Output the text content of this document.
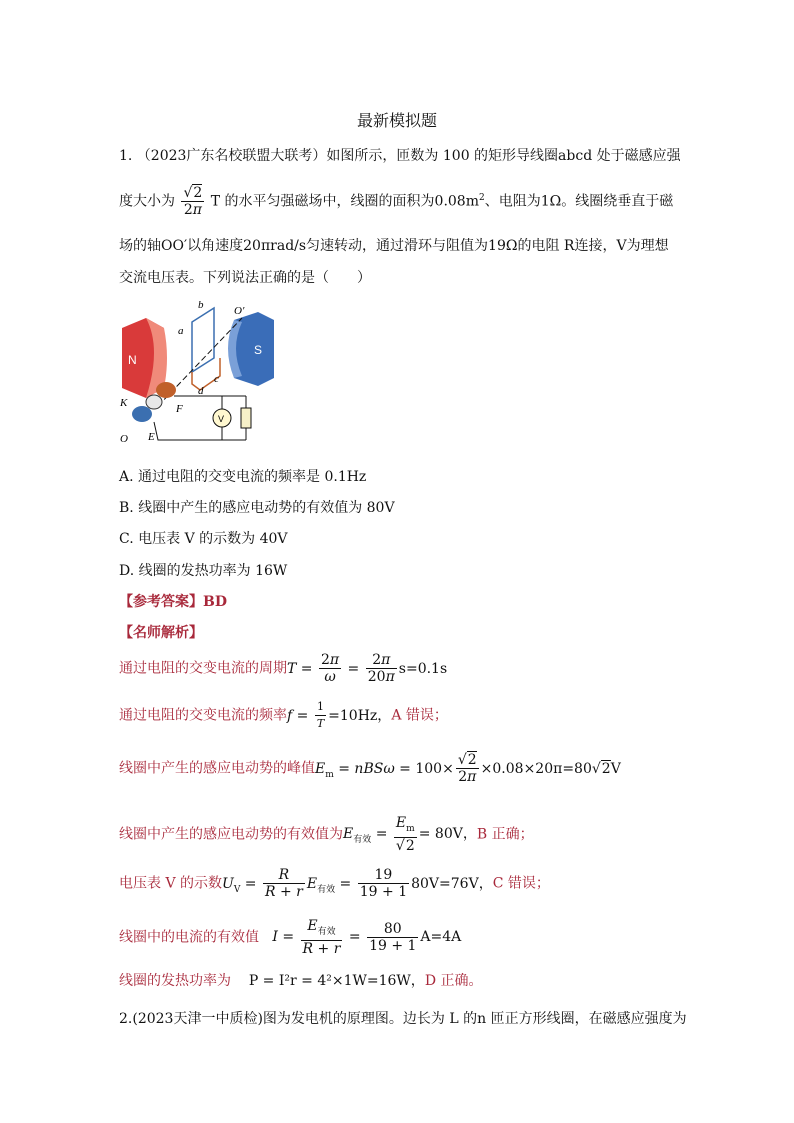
最新模拟题
1. （2023广东名校联盟大联考）如图所示，匝数为 100 的矩形导线圈abcd 处于磁感应强
度大小为 $\frac{√2}{2\pi}$ T 的水平匀强磁场中，线圈的面积为$0.08m^2$、电阻为1Ω。线圈绕垂直于磁
场的轴OO′以角速度20πrad/s匀速转动，通过滑环与阻值为19Ω的电阻 R连接，V为理想
交流电压表。下列说法正确的是（　　）
b
a
O′
N
S
c
d
F
K
V
O E
A. 通过电阻的交变电流的频率是 0.1Hz
B. 线圈中产生的感应电动势的有效值为 80V
C. 电压表 V 的示数为 40V
D. 线圈的发热功率为 16W
【参考答案】BD
【名师解析】
通过电阻的交变电流的周期$T = \frac{2\pi}{\omega} = \frac{2\pi}{20\pi} s=0.1s$
通过电阻的交变电流的频率$f = \frac{1}{T} =10Hz$，A 错误；
线圈中产生的感应电动势的峰值$E_m = nBS\omega = 100\times \frac{√2}{2\pi} \times 0.08\times 20\pi=80√2V$
线圈中产生的感应电动势的有效值为$E_{有效} = \frac{E_m}{√2} = 80V$，B 正确；
电压表 V 的示数$U_V = \frac{R}{R + r} E_{有效} = \frac{19}{19 + 1} 80V=76V$，C 错误；
线圈中的电流的有效值 $I = \frac{E_{有效}}{R + r} = \frac{80}{19 + 1} A=4A$
线圈的发热功率为 P = I²r = 4²×1W=16W，D 正确。
2.(2023天津一中质检)图为发电机的原理图。边长为 L 的n 匝正方形线圈，在磁感应强度为
